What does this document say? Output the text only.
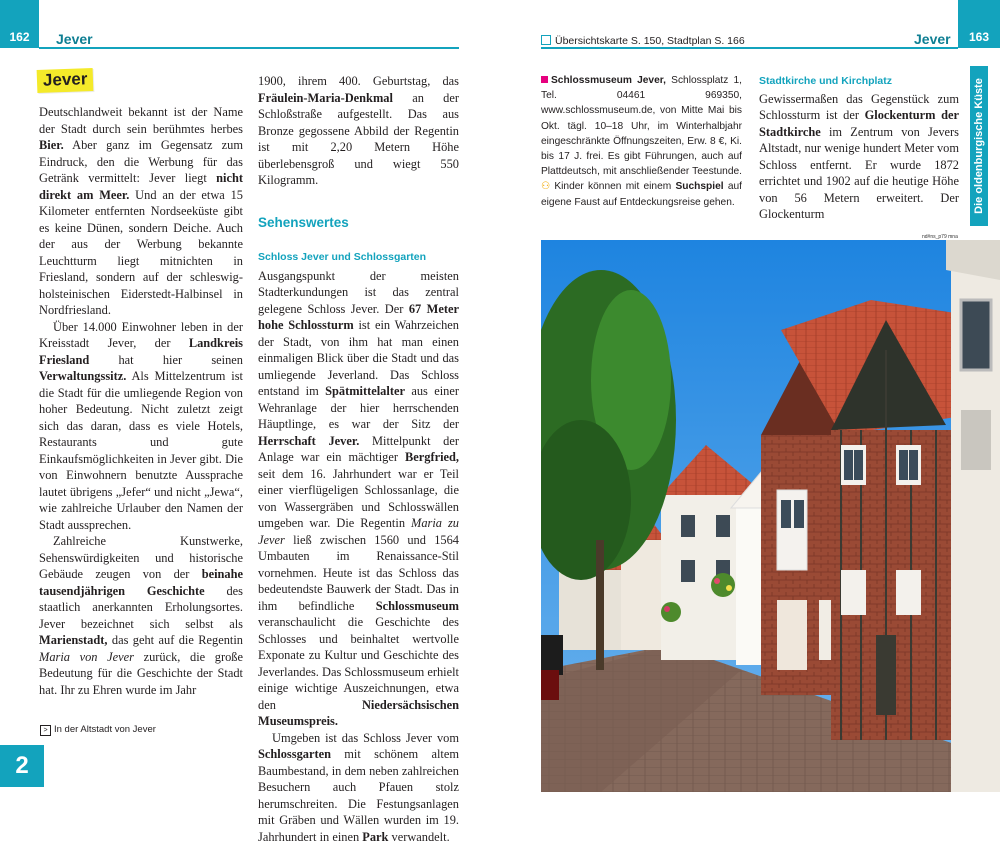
162 Jever
Jever

Deutschlandweit bekannt ist der Name der Stadt durch sein berühmtes herbes Bier. Aber ganz im Gegensatz zum Eindruck, den die Werbung für das Getränk vermittelt: Jever liegt nicht direkt am Meer. Und an der etwa 15 Kilometer entfernten Nordseeküste gibt es keine Dünen, sondern Deiche. Auch der aus der Werbung bekannte Leuchtturm liegt mitnichten in Friesland, sondern auf der schleswig-holsteinischen Eiderstedt-Halbinsel in Nordfriesland.

Über 14.000 Einwohner leben in der Kreisstadt Jever, der Landkreis Friesland hat hier seinen Verwaltungssitz. Als Mittelzentrum ist die Stadt für die umliegende Region von hoher Bedeutung. Nicht zuletzt zeigt sich das daran, dass es viele Hotels, Restaurants und gute Einkaufsmöglichkeiten in Jever gibt. Die von Einwohnern benutzte Aussprache lautet übrigens „Jefer“ und nicht „Jewa“, wie zahlreiche Urlauber den Namen der Stadt aussprechen.

Zahlreiche Kunstwerke, Sehenswürdigkeiten und historische Gebäude zeugen von der beinahe tausendjährigen Geschichte des staatlich anerkannten Erholungsortes. Jever bezeichnet sich selbst als Marienstadt, das geht auf die Regentin Maria von Jever zurück, die große Bedeutung für die Geschichte der Stadt hat. Ihr zu Ehren wurde im Jahr

1900, ihrem 400. Geburtstag, das Fräulein-Maria-Denkmal an der Schloßstraße aufgestellt. Das aus Bronze gegossene Abbild der Regentin ist mit 2,20 Metern Höhe überlebensgroß und wiegt 550 Kilogramm.

Sehenswertes
Schloss Jever und Schlossgarten

Ausgangspunkt der meisten Stadterkundungen ist das zentral gelegene Schloss Jever. Der 67 Meter hohe Schlossturm ist ein Wahrzeichen der Stadt, von ihm hat man einen einmaligen Blick über die Stadt und das umliegende Jeverland. Das Schloss entstand im Spätmittelalter aus einer Wehranlage der hier herrschenden Häuptlinge, es war der Sitz der Herrschaft Jever. Mittelpunkt der Anlage war ein mächtiger Bergfried, seit dem 16. Jahrhundert war er Teil einer vierflügeligen Schlossanlage, die von Wassergräben und Schlosswällen umgeben war. Die Regentin Maria zu Jever ließ zwischen 1560 und 1564 Umbauten im Renaissance-Stil vornehmen. Heute ist das Schloss das bedeutendste Bauwerk der Stadt. Das in ihm befindliche Schlossmuseum veranschaulicht die Geschichte des Schlosses und beinhaltet wertvolle Exponate zu Kultur und Geschichte des Jeverlandes. Das Schlossmuseum erhielt einige wichtige Auszeichnungen, etwa den Niedersächsischen Museumspreis.

Umgeben ist das Schloss Jever vom Schlossgarten mit schönem altem Baumbestand, in dem neben zahlreichen Besuchern auch Pfauen stolz herumschreiten. Die Festungsanlagen mit Gräben und Wällen wurden im 19. Jahrhundert in einen Park verwandelt.

> In der Altstadt von Jever
2
Übersichtskarte S. 150, Stadtplan S. 166	Jever 163
Die oldenburgische Küste
Schlossmuseum Jever, Schlossplatz 1, Tel. 04461 969350, www.schlossmuseum.de, von Mitte Mai bis Okt. tägl. 10–18 Uhr, im Winterhalbjahr eingeschränkte Öffnungszeiten, Erw. 8 €, Ki. bis 17 J. frei. Es gibt Führungen, auch auf Plattdeutsch, mit anschließender Teestunde. ⚇ Kinder können mit einem Suchspiel auf eigene Faust auf Entdeckungsreise gehen.
Stadtkirche und Kirchplatz

Gewissermaßen das Gegenstück zum Schlossturm ist der Glockenturm der Stadtkirche im Zentrum von Jevers Altstadt, nur wenige hundert Meter vom Schloss entfernt. Er wurde 1872 errichtet und 1902 auf die heutige Höhe von 56 Metern erweitert. Der Glockenturm

nd#ns_p79 mna
